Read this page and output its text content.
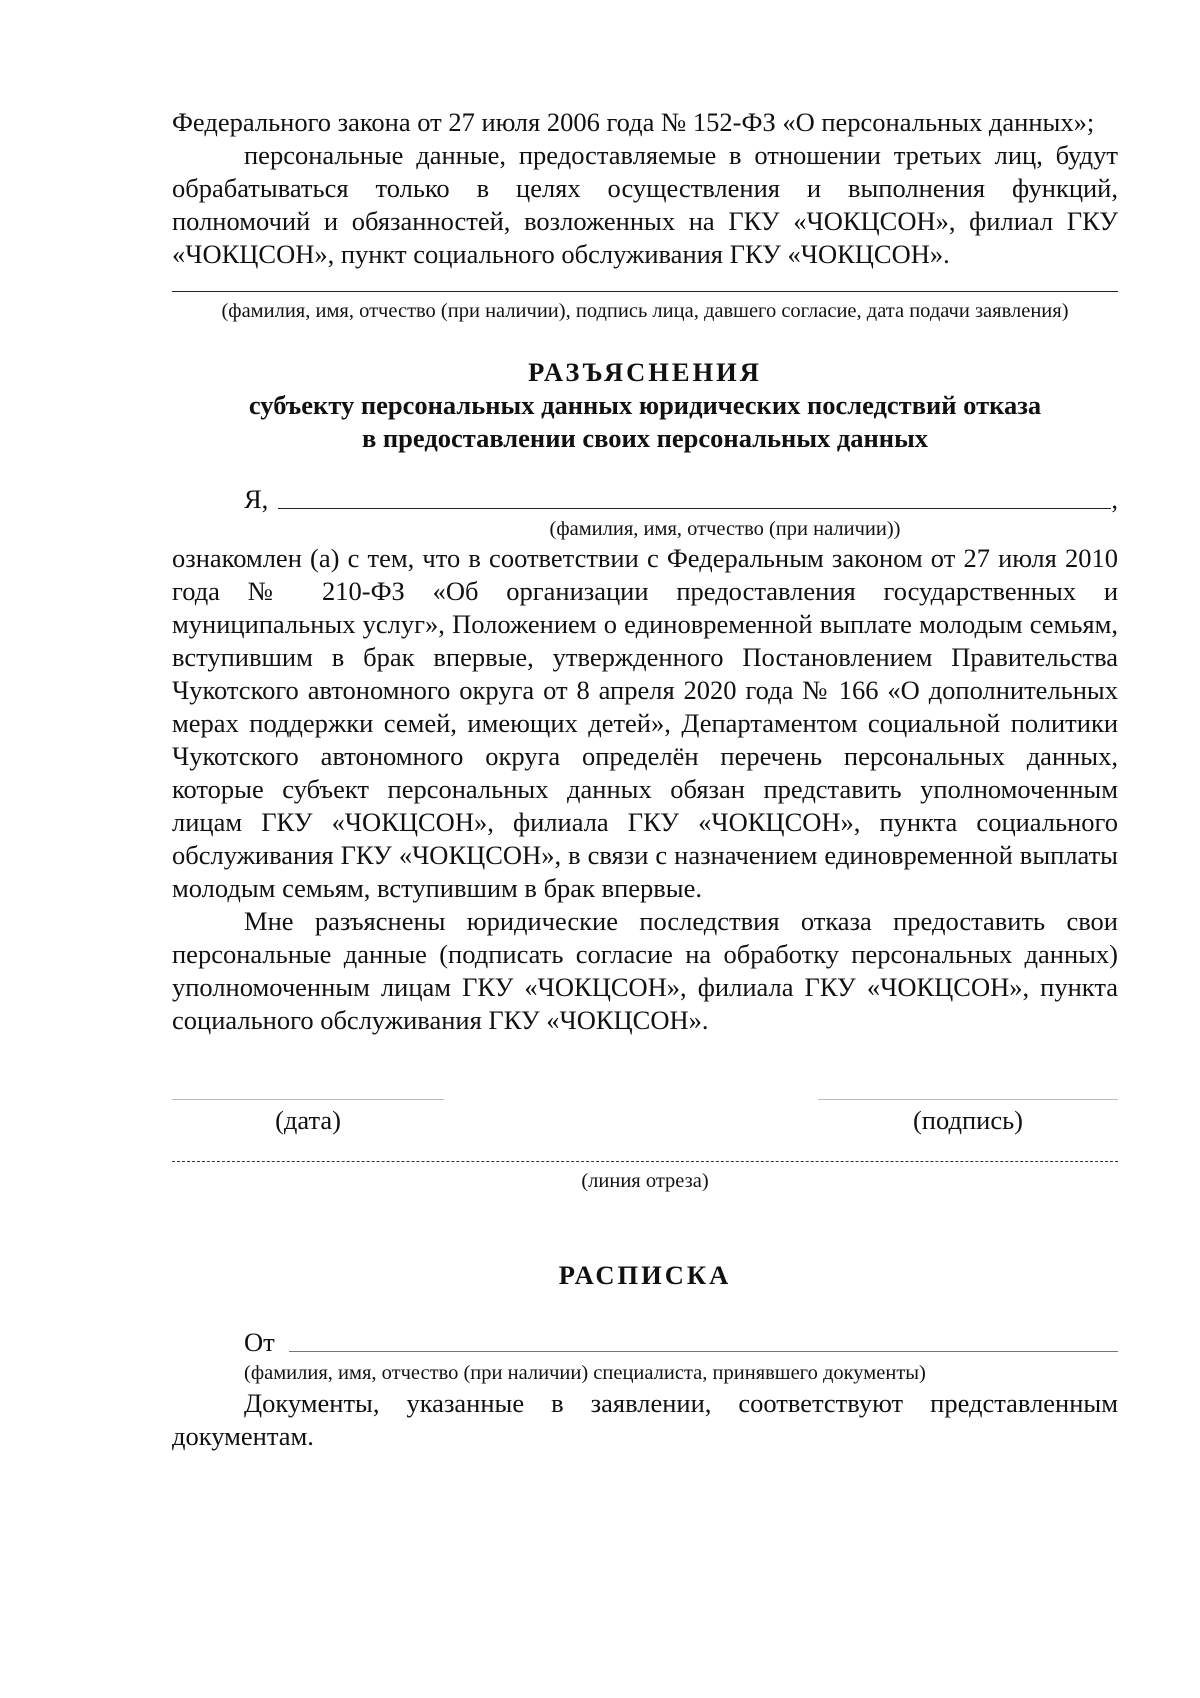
Федерального закона от 27 июля 2006 года № 152-ФЗ «О персональных данных»;

персональные данные, предоставляемые в отношении третьих лиц, будут обрабатываться только в целях осуществления и выполнения функций, полномочий и обязанностей, возложенных на ГКУ «ЧОКЦСОН», филиал ГКУ «ЧОКЦСОН», пункт социального обслуживания ГКУ «ЧОКЦСОН».

(фамилия, имя, отчество (при наличии), подпись лица, давшего согласие, дата подачи заявления)
РАЗЪЯСНЕНИЯ
субъекту персональных данных юридических последствий отказа
в предоставлении своих персональных данных
Я,	,
(фамилия, имя, отчество (при наличии))

ознакомлен (а) с тем, что в соответствии с Федеральным законом от 27 июля 2010 года № 210-ФЗ «Об организации предоставления государственных и муниципальных услуг», Положением о единовременной выплате молодым семьям, вступившим в брак впервые, утвержденного Постановлением Правительства Чукотского автономного округа от 8 апреля 2020 года № 166 «О дополнительных мерах поддержки семей, имеющих детей», Департаментом социальной политики Чукотского автономного округа определён перечень персональных данных, которые субъект персональных данных обязан представить уполномоченным лицам ГКУ «ЧОКЦСОН», филиала ГКУ «ЧОКЦСОН», пункта социального обслуживания ГКУ «ЧОКЦСОН», в связи с назначением единовременной выплаты молодым семьям, вступившим в брак впервые.

Мне разъяснены юридические последствия отказа предоставить свои персональные данные (подписать согласие на обработку персональных данных) уполномоченным лицам ГКУ «ЧОКЦСОН», филиала ГКУ «ЧОКЦСОН», пункта социального обслуживания ГКУ «ЧОКЦСОН».

(дата)	(подпись)
(линия отреза)
РАСПИСКА
От
(фамилия, имя, отчество (при наличии) специалиста, принявшего документы)

Документы, указанные в заявлении, соответствуют представленным документам.
